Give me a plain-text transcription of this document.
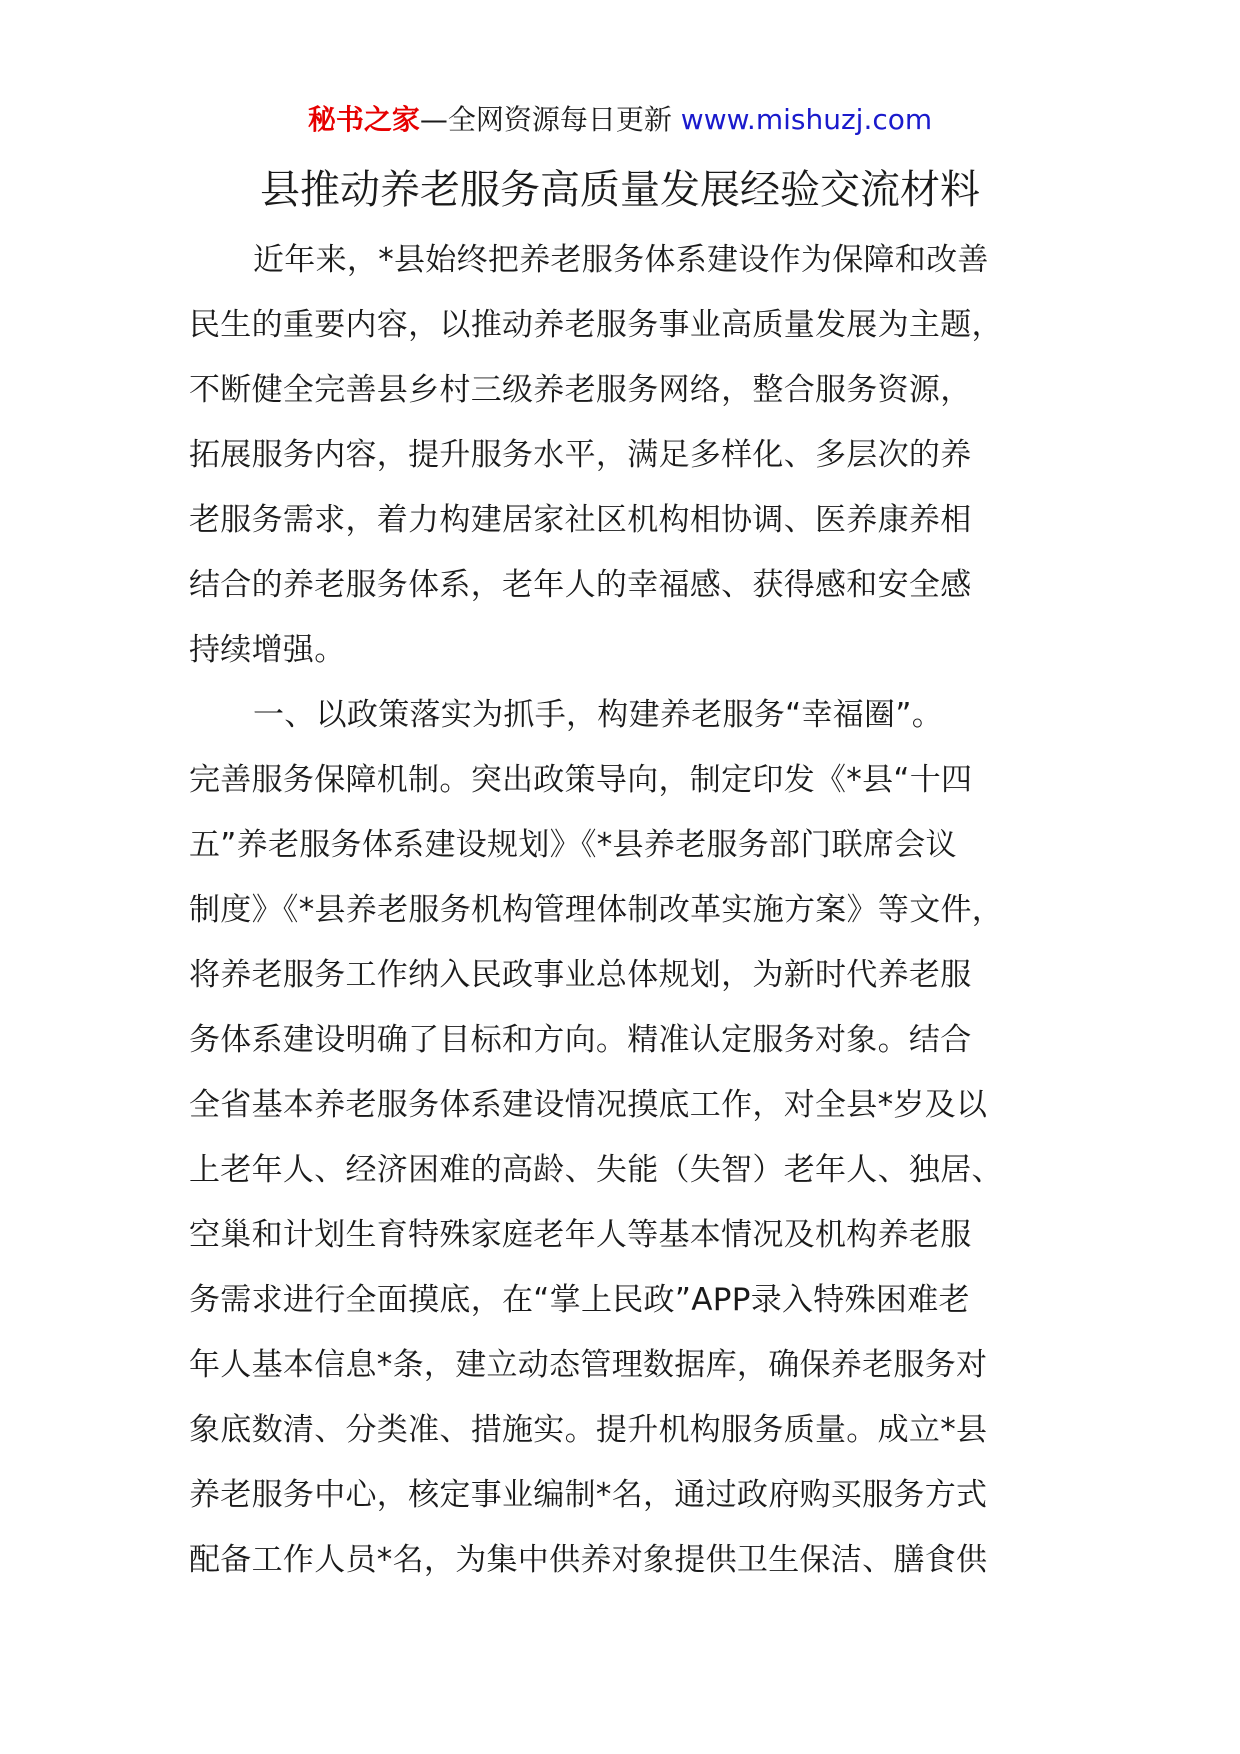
秘书之家—全网资源每日更新 www.mishuzj.com
县推动养老服务高质量发展经验交流材料
近年来，*县始终把养老服务体系建设作为保障和改善
民生的重要内容，以推动养老服务事业高质量发展为主题，
不断健全完善县乡村三级养老服务网络，整合服务资源，
拓展服务内容，提升服务水平，满足多样化、多层次的养
老服务需求，着力构建居家社区机构相协调、医养康养相
结合的养老服务体系，老年人的幸福感、获得感和安全感
持续增强。
一、以政策落实为抓手，构建养老服务“幸福圈”。
完善服务保障机制。突出政策导向，制定印发《*县“十四
五”养老服务体系建设规划》《*县养老服务部门联席会议
制度》《*县养老服务机构管理体制改革实施方案》等文件，
将养老服务工作纳入民政事业总体规划，为新时代养老服
务体系建设明确了目标和方向。精准认定服务对象。结合
全省基本养老服务体系建设情况摸底工作，对全县*岁及以
上老年人、经济困难的高龄、失能（失智）老年人、独居、
空巢和计划生育特殊家庭老年人等基本情况及机构养老服
务需求进行全面摸底，在“掌上民政”APP录入特殊困难老
年人基本信息*条，建立动态管理数据库，确保养老服务对
象底数清、分类准、措施实。提升机构服务质量。成立*县
养老服务中心，核定事业编制*名，通过政府购买服务方式
配备工作人员*名，为集中供养对象提供卫生保洁、膳食供
